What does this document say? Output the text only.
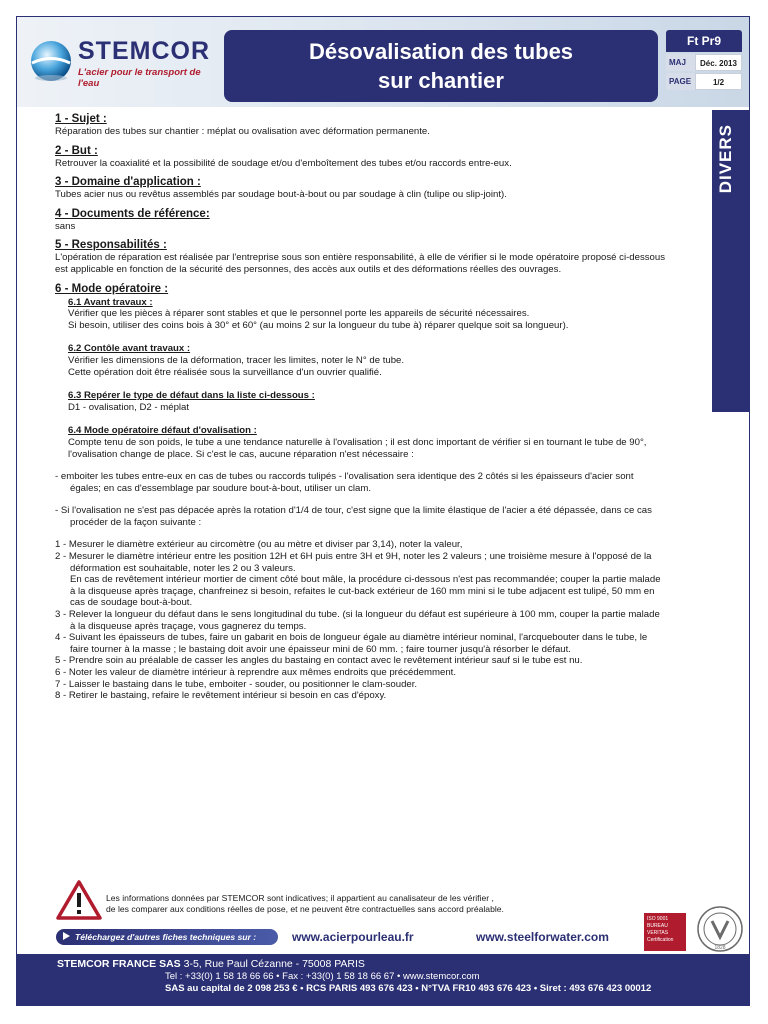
STEMCOR
L'acier pour le transport de l'eau
Désovalisation des tubes
sur chantier
Ft Pr9
MAJ	Déc. 2013
PAGE	1/2
DIVERS
1 - Sujet :
Réparation des tubes sur chantier : méplat ou ovalisation avec déformation permanente.
2 - But :
Retrouver la coaxialité et la possibilité de soudage et/ou d'emboîtement des tubes et/ou raccords entre-eux.
3 - Domaine d'application :
Tubes acier nus ou revêtus assemblés par soudage bout-à-bout ou par soudage à clin (tulipe ou slip-joint).
4 - Documents de référence:
sans
5 - Responsabilités :
L'opération de réparation est réalisée par l'entreprise sous son entière responsabilité, à elle de vérifier si le mode opératoire proposé ci-dessous est applicable en fonction de la sécurité des personnes, des accès aux outils et des déformations réelles des ouvrages.
6 - Mode opératoire :
6.1 Avant travaux :
Vérifier que les pièces à réparer sont stables et que le personnel porte les appareils de sécurité nécessaires.
Si besoin, utiliser des coins bois à 30° et 60° (au moins 2 sur la longueur du tube à) réparer quelque soit sa longueur).
6.2 Contôle avant travaux :
Vérifier les dimensions de la déformation, tracer les limites, noter le N° de tube.
Cette opération doit être réalisée sous la surveillance d'un ouvrier qualifié.
6.3 Repérer le type de défaut dans la liste ci-dessous :
D1 - ovalisation, D2 - méplat
6.4 Mode opératoire défaut d'ovalisation :
Compte tenu de son poids, le tube a une tendance naturelle à l'ovalisation ; il est donc important de vérifier si en tournant le tube de 90°, l'ovalisation change de place. Si c'est le cas, aucune réparation n'est nécessaire :
- emboiter les tubes entre-eux en cas de tubes ou raccords tulipés - l'ovalisation sera identique des 2 côtés si les épaisseurs d'acier sont égales; en cas d'essemblage par soudure bout-à-bout, utiliser un clam.
- Si l'ovalisation ne s'est pas dépacée après la rotation d'1/4 de tour, c'est signe que la limite élastique de l'acier a été dépassée, dans ce cas procéder de la façon suivante :
1 - Mesurer le diamètre extérieur au circomètre (ou au mètre et diviser par 3,14), noter la valeur,
2 - Mesurer le diamètre intérieur entre les position 12H et 6H puis entre 3H et 9H, noter les 2 valeurs ; une troisième mesure à l'opposé de la déformation est souhaitable, noter les 2 ou 3 valeurs.
En cas de revêtement intérieur mortier de ciment côté bout mâle, la procédure ci-dessous n'est pas recommandée; couper la partie malade à la disqueuse après traçage, chanfreinez si besoin, refaites le cut-back extérieur de 160 mm mini si le tube adjacent est tulipé, 50 mm en cas de soudage bout-à-bout.
3 - Relever la longueur du défaut dans le sens longitudinal du tube. (si la longueur du défaut est supérieure à 100 mm, couper la partie malade à la disqueuse après traçage, vous gagnerez du temps.
4 - Suivant les épaisseurs de tubes, faire un gabarit en bois de longueur égale au diamètre intérieur nominal, l'arcquebouter dans le tube, le faire tourner à la masse ; le bastaing doit avoir une épaisseur mini de 60 mm. ; faire tourner jusqu'à résorber le défaut.
5 - Prendre soin au préalable de casser les angles du bastaing en contact avec le revêtement intérieur sauf si le tube est nu.
6 - Noter les valeur de diamètre intérieur à reprendre aux mêmes endroits que précédemment.
7 - Laisser le bastaing dans le tube, emboiter - souder, ou positionner le clam-souder.
8 - Retirer le bastaing, refaire le revêtement intérieur si besoin en cas d'époxy.
Les informations données par STEMCOR sont indicatives; il appartient au canalisateur de les vérifier ,
de les comparer aux conditions réelles de pose, et ne peuvent être contractuelles sans accord préalable.
Téléchargez d'autres fiches techniques sur :	www.acierpourleau.fr	www.steelforwater.com
ISO 9001
BUREAU VERITAS
Certification
1828
STEMCOR FRANCE SAS 3-5, Rue Paul Cézanne - 75008 PARIS
Tel : +33(0) 1 58 18 66 66 • Fax : +33(0) 1 58 18 66 67 • www.stemcor.com
SAS au capital de 2 098 253 € • RCS PARIS 493 676 423 • N°TVA FR10 493 676 423 • Siret : 493 676 423 00012
